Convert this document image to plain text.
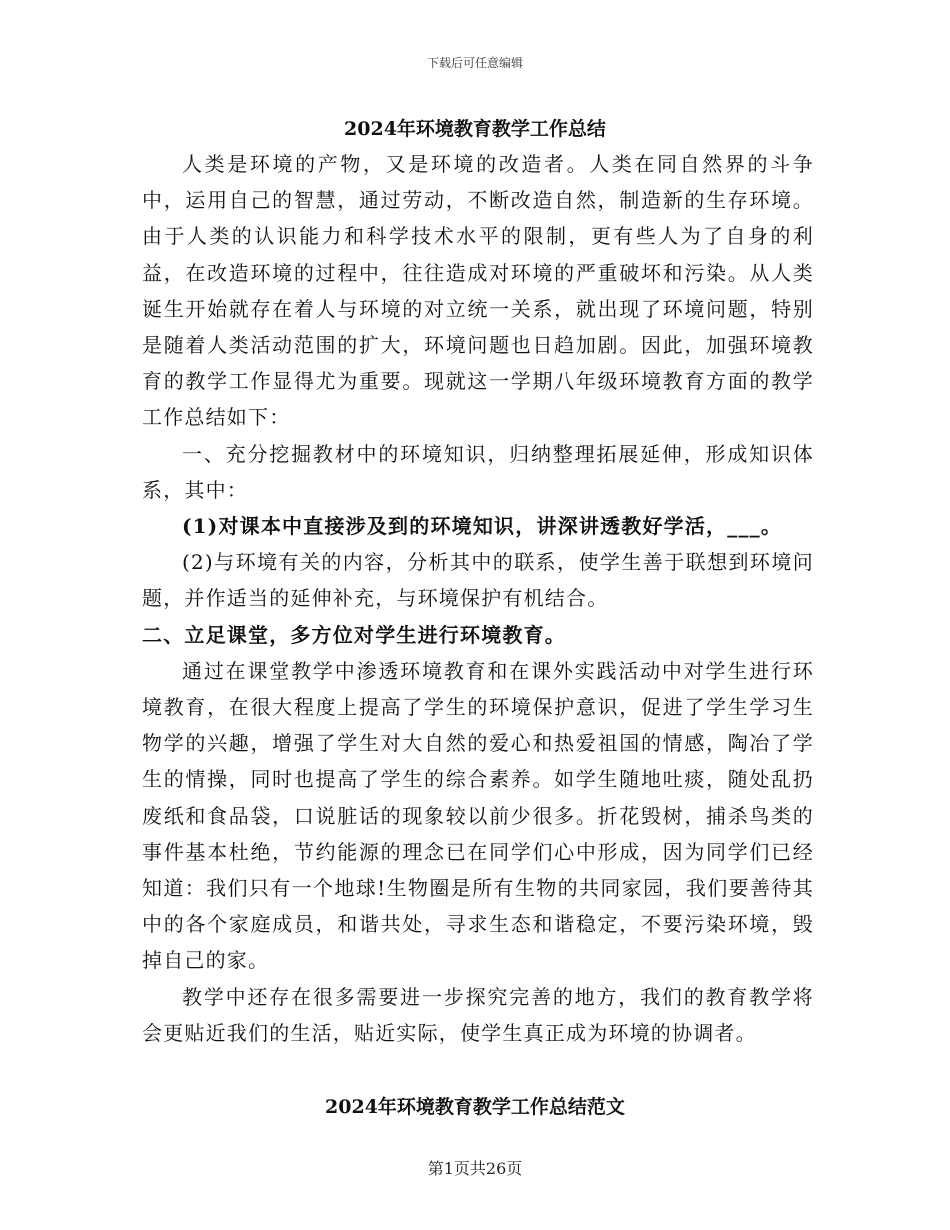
下载后可任意编辑
2024年环境教育教学工作总结

人类是环境的产物，又是环境的改造者。人类在同自然界的斗争中，运用自己的智慧，通过劳动，不断改造自然，制造新的生存环境。由于人类的认识能力和科学技术水平的限制，更有些人为了自身的利益，在改造环境的过程中，往往造成对环境的严重破坏和污染。从人类诞生开始就存在着人与环境的对立统一关系，就出现了环境问题，特别是随着人类活动范围的扩大，环境问题也日趋加剧。因此，加强环境教育的教学工作显得尤为重要。现就这一学期八年级环境教育方面的教学工作总结如下：

一、充分挖掘教材中的环境知识，归纳整理拓展延伸，形成知识体系，其中：

(1)对课本中直接涉及到的环境知识，讲深讲透教好学活，___。

(2)与环境有关的内容，分析其中的联系，使学生善于联想到环境问题，并作适当的延伸补充，与环境保护有机结合。

二、立足课堂，多方位对学生进行环境教育。

通过在课堂教学中渗透环境教育和在课外实践活动中对学生进行环境教育，在很大程度上提高了学生的环境保护意识，促进了学生学习生物学的兴趣，增强了学生对大自然的爱心和热爱祖国的情感，陶冶了学生的情操，同时也提高了学生的综合素养。如学生随地吐痰，随处乱扔废纸和食品袋，口说脏话的现象较以前少很多。折花毁树，捕杀鸟类的事件基本杜绝，节约能源的理念已在同学们心中形成，因为同学们已经知道：我们只有一个地球!生物圈是所有生物的共同家园，我们要善待其中的各个家庭成员，和谐共处，寻求生态和谐稳定，不要污染环境，毁掉自己的家。

教学中还存在很多需要进一步探究完善的地方，我们的教育教学将会更贴近我们的生活，贴近实际，使学生真正成为环境的协调者。

2024年环境教育教学工作总结范文
第1页共26页
